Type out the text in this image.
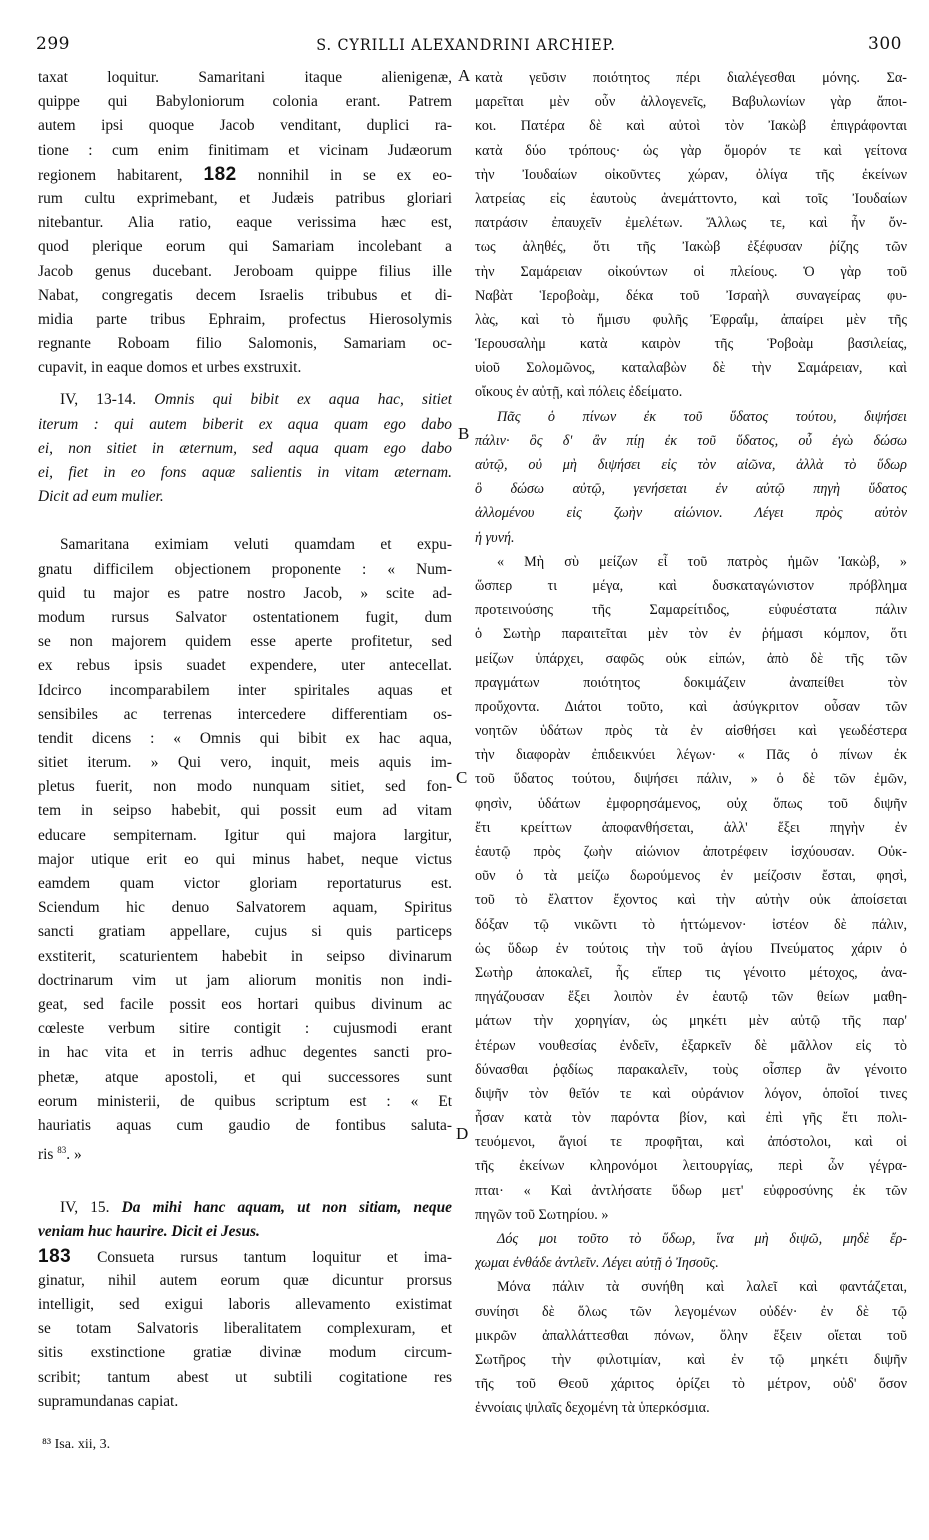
299	S. CYRILLI ALEXANDRINI ARCHIEP.	300
A
B
C
D
taxat loquitur. Samaritani itaque alienigenæ,
quippe qui Babyloniorum colonia erant. Patrem
autem ipsi quoque Jacob venditant, duplici ra-
tione : cum enim finitimam et vicinam Judæorum
regionem habitarent, 182 nonnihil in se ex eo-
rum cultu exprimebant, et Judæis patribus gloriari
nitebantur. Alia ratio, eaque verissima hæc est,
quod plerique eorum qui Samariam incolebant a
Jacob genus ducebant. Jeroboam quippe filius ille
Nabat, congregatis decem Israelis tribubus et di-
midia parte tribus Ephraim, profectus Hierosolymis
regnante Roboam filio Salomonis, Samariam oc-
cupavit, in eaque domos et urbes exstruxit.
IV, 13-14. Omnis qui bibit ex aqua hac, sitiet
iterum : qui autem biberit ex aqua quam ego dabo
ei, non sitiet in æternum, sed aqua quam ego dabo
ei, fiet in eo fons aquæ salientis in vitam æternam.
Dicit ad eum mulier.
Samaritana eximiam veluti quamdam et expu-
gnatu difficilem objectionem proponente : « Num-
quid tu major es patre nostro Jacob, » scite ad-
modum rursus Salvator ostentationem fugit, dum
se non majorem quidem esse aperte profitetur, sed
ex rebus ipsis suadet expendere, uter antecellat.
Idcirco incomparabilem inter spiritales aquas et
sensibiles ac terrenas intercedere differentiam os-
tendit dicens : « Omnis qui bibit ex hac aqua,
sitiet iterum. » Qui vero, inquit, meis aquis im-
pletus fuerit, non modo nunquam sitiet, sed fon-
tem in seipso habebit, qui possit eum ad vitam
educare sempiternam. Igitur qui majora largitur,
major utique erit eo qui minus habet, neque victus
eamdem quam victor gloriam reportaturus est.
Sciendum hic denuo Salvatorem aquam, Spiritus
sancti gratiam appellare, cujus si quis particeps
exstiterit, scaturientem habebit in seipso divinarum
doctrinarum vim ut jam aliorum monitis non indi-
geat, sed facile possit eos hortari quibus divinum ac
cœleste verbum sitire contigit : cujusmodi erant
in hac vita et in terris adhuc degentes sancti pro-
phetæ, atque apostoli, et qui successores sunt
eorum ministerii, de quibus scriptum est : « Et
hauriatis aquas cum gaudio de fontibus saluta-
ris $^{83}$. »
IV, 15. Da mihi hanc aquam, ut non sitiam, neque
veniam huc haurire. Dicit ei Jesus.
183 Consueta rursus tantum loquitur et ima-
ginatur, nihil autem eorum quæ dicuntur prorsus
intelligit, sed exigui laboris allevamento existimat
se totam Salvatoris liberalitatem complexuram, et
sitis exstinctione gratiæ divinæ modum circum-
scribit; tantum abest ut subtili cogitatione res
supramundanas capiat.
κατὰ γεῦσιν ποιότητος πέρι διαλέγεσθαι μόνης. Σα-
μαρεῖται μὲν οὖν ἀλλογενεῖς, Βαβυλωνίων γὰρ ἄποι-
κοι. Πατέρα δὲ καὶ αὐτοὶ τὸν Ἰακὼβ ἐπιγράφονται
κατὰ δύο τρόπους· ὡς γὰρ ὅμορόν τε καὶ γείτονα
τὴν Ἰουδαίων οἰκοῦντες χώραν, ὀλίγα τῆς ἐκείνων
λατρείας εἰς ἑαυτοὺς ἀνεμάττοντο, καὶ τοῖς Ἰουδαίων
πατράσιν ἐπαυχεῖν ἐμελέτων. Ἄλλως τε, καὶ ἦν ὄν-
τως ἀληθές, ὅτι τῆς Ἰακὼβ ἐξέφυσαν ῥίζης τῶν
τὴν Σαμάρειαν οἰκούντων οἱ πλείους. Ὁ γὰρ τοῦ
Ναβὰτ Ἱεροβοὰμ, δέκα τοῦ Ἰσραὴλ συναγείρας φυ-
λὰς, καὶ τὸ ἥμισυ φυλῆς Ἐφραΐμ, ἀπαίρει μὲν τῆς
Ἱερουσαλὴμ κατὰ καιρὸν τῆς Ῥοβοὰμ βασιλείας,
υἱοῦ Σολομῶνος, καταλαβὼν δὲ τὴν Σαμάρειαν, καὶ
οἴκους ἐν αὐτῇ, καὶ πόλεις ἐδείματο.
Πᾶς ὁ πίνων ἐκ τοῦ ὕδατος τούτου, διψήσει
πάλιν· ὃς δ' ἂν πίῃ ἐκ τοῦ ὕδατος, οὗ ἐγὼ δώσω
αὐτῷ, οὐ μὴ διψήσει εἰς τὸν αἰῶνα, ἀλλὰ τὸ ὕδωρ
ὃ δώσω αὐτῷ, γενήσεται ἐν αὐτῷ πηγὴ ὕδατος
ἀλλομένου εἰς ζωὴν αἰώνιον. Λέγει πρὸς αὐτὸν
ἡ γυνή.
« Μὴ σὺ μείζων εἶ τοῦ πατρὸς ἡμῶν Ἰακὼβ, »
ὥσπερ τι μέγα, καὶ δυσκαταγώνιστον πρόβλημα
προτεινούσης τῆς Σαμαρείτιδος, εὐφυέστατα πάλιν
ὁ Σωτὴρ παραιτεῖται μὲν τὸν ἐν ῥήμασι κόμπον, ὅτι
μείζων ὑπάρχει, σαφῶς οὐκ εἰπών, ἀπὸ δὲ τῆς τῶν
πραγμάτων ποιότητος δοκιμάζειν ἀναπείθει τὸν
προὔχοντα. Διάτοι τοῦτο, καὶ ἀσύγκριτον οὖσαν τῶν
νοητῶν ὑδάτων πρὸς τὰ ἐν αἰσθήσει καὶ γεωδέστερα
τὴν διαφορὰν ἐπιδεικνύει λέγων· « Πᾶς ὁ πίνων ἐκ
τοῦ ὕδατος τούτου, διψήσει πάλιν, » ὁ δὲ τῶν ἐμῶν,
φησὶν, ὑδάτων ἐμφορησάμενος, οὐχ ὅπως τοῦ διψῆν
ἔτι κρείττων ἀποφανθήσεται, ἀλλ' ἕξει πηγὴν ἐν
ἑαυτῷ πρὸς ζωὴν αἰώνιον ἀποτρέφειν ἰσχύουσαν. Οὐκ-
οῦν ὁ τὰ μείζω δωρούμενος ἐν μείζοσιν ἔσται, φησὶ,
τοῦ τὸ ἔλαττον ἔχοντος καὶ τὴν αὐτὴν οὐκ ἀποίσεται
δόξαν τῷ νικῶντι τὸ ἡττώμενον· ἰστέον δὲ πάλιν,
ὡς ὕδωρ ἐν τούτοις τὴν τοῦ ἁγίου Πνεύματος χάριν ὁ
Σωτὴρ ἀποκαλεῖ, ἧς εἴπερ τις γένοιτο μέτοχος, ἀνα-
πηγάζουσαν ἕξει λοιπὸν ἐν ἑαυτῷ τῶν θείων μαθη-
μάτων τὴν χορηγίαν, ὡς μηκέτι μὲν αὐτῷ τῆς παρ'
ἑτέρων νουθεσίας ἐνδεῖν, ἐξαρκεῖν δὲ μᾶλλον εἰς τὸ
δύνασθαι ῥᾳδίως παρακαλεῖν, τοὺς οἷσπερ ἂν γένοιτο
διψῆν τὸν θεῖόν τε καὶ οὐράνιον λόγον, ὁποῖοί τινες
ἦσαν κατὰ τὸν παρόντα βίον, καὶ ἐπὶ γῆς ἔτι πολι-
τευόμενοι, ἅγιοί τε προφῆται, καὶ ἀπόστολοι, καὶ οἱ
τῆς ἐκείνων κληρονόμοι λειτουργίας, περὶ ὧν γέγρα-
πται· « Καὶ ἀντλήσατε ὕδωρ μετ' εὐφροσύνης ἐκ τῶν
πηγῶν τοῦ Σωτηρίου. »
Δός μοι τοῦτο τὸ ὕδωρ, ἵνα μὴ διψῶ, μηδὲ ἔρ-
χωμαι ἐνθάδε ἀντλεῖν. Λέγει αὐτῇ ὁ Ἰησοῦς.
Μόνα πάλιν τὰ συνήθη καὶ λαλεῖ καὶ φαντάζεται,
συνίησι δὲ ὅλως τῶν λεγομένων οὐδέν· ἐν δὲ τῷ
μικρῶν ἀπαλλάττεσθαι πόνων, ὅλην ἔξειν οἴεται τοῦ
Σωτῆρος τὴν φιλοτιμίαν, καὶ ἐν τῷ μηκέτι διψῆν
τῆς τοῦ Θεοῦ χάριτος ὁρίζει τὸ μέτρον, οὐδ' ὅσον
ἐννοίαις ψιλαῖς δεχομένη τὰ ὑπερκόσμια.
⁸³ Isa. xii, 3.
